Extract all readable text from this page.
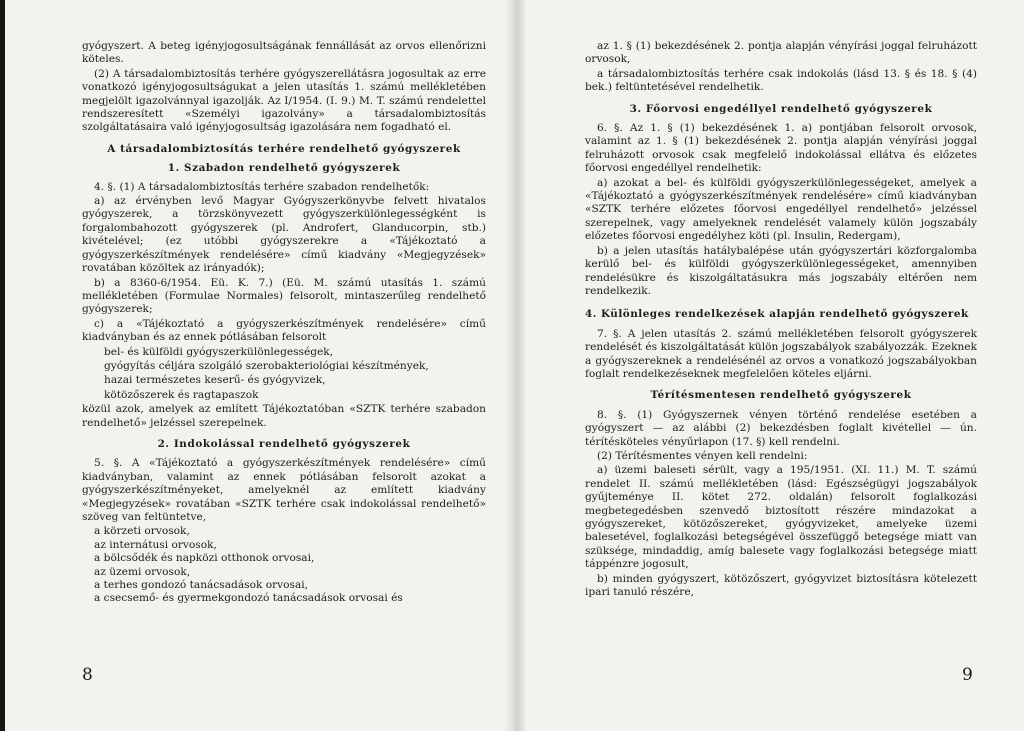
gyógyszert. A beteg igényjogosultságának fennállását az orvos ellenőrizni köteles.

(2) A társadalombiztosítás terhére gyógyszerellátásra jogosultak az erre vonatkozó igényjogosultságukat a jelen utasítás 1. számú mellékletében megjelölt igazolvánnyal igazolják. Az I/1954. (I. 9.) M. T. számú rendelettel rendszeresített «Személyi igazolvány» a társadalombiztosítás szolgáltatásaira való igényjogosultság igazolására nem fogadható el.

A társadalombiztosítás terhére rendelhető gyógyszerek

1. Szabadon rendelhető gyógyszerek

4. §. (1) A társadalombiztosítás terhére szabadon rendelhetők:

a) az érvényben levő Magyar Gyógyszerkönyvbe felvett hivatalos gyógyszerek, a törzskönyvezett gyógyszerkülönlegességként is forgalombahozott gyógyszerek (pl. Androfert, Glanducorpin, stb.) kivételével; (ez utóbbi gyógyszerekre a «Tájékoztató a gyógyszerkészítmények rendelésére» című kiadvány «Megjegyzések» rovatában közöltek az irányadók);

b) a 8360-6/1954. Eü. K. 7.) (Eü. M. számú utasítás 1. számú mellékletében (Formulae Normales) felsorolt, mintaszerűleg rendelhető gyógyszerek;

c) a «Tájékoztató a gyógyszerkészítmények rendelésére» című kiadványban és az ennek pótlásában felsorolt

bel- és külföldi gyógyszerkülönlegességek,

gyógyítás céljára szolgáló szerobakteriológiai készítmények,

hazai természetes keserű- és gyógyvizek,

kötözőszerek és ragtapaszok

közül azok, amelyek az említett Tájékoztatóban «SZTK terhére szabadon rendelhető» jelzéssel szerepelnek.

2. Indokolással rendelhető gyógyszerek

5. §. A «Tájékoztató a gyógyszerkészítmények rendelésére» című kiadványban, valamint az ennek pótlásában felsorolt azokat a gyógyszerkészítményeket, amelyeknél az említett kiadvány «Megjegyzések» rovatában «SZTK terhére csak indokolással rendelhető» szöveg van feltüntetve,

a körzeti orvosok,
az internátusi orvosok,
a bölcsődék és napközi otthonok orvosai,
az üzemi orvosok,
a terhes gondozó tanácsadások orvosai,
a csecsemő- és gyermekgondozó tanácsadások orvosai és
8

az 1. § (1) bekezdésének 2. pontja alapján vényírási joggal felruházott orvosok,

a társadalombiztosítás terhére csak indokolás (lásd 13. § és 18. § (4) bek.) feltüntetésével rendelhetik.

3. Főorvosi engedéllyel rendelhető gyógyszerek

6. §. Az 1. § (1) bekezdésének 1. a) pontjában felsorolt orvosok, valamint az 1. § (1) bekezdésének 2. pontja alapján vényírási joggal felruházott orvosok csak megfelelő indokolással ellátva és előzetes főorvosi engedéllyel rendelhetik:

a) azokat a bel- és külföldi gyógyszerkülönlegességeket, amelyek a «Tájékoztató a gyógyszerkészítmények rendelésére» című kiadványban «SZTK terhére előzetes főorvosi engedéllyel rendelhető» jelzéssel szerepelnek, vagy amelyeknek rendelését valamely külön jogszabály előzetes főorvosi engedélyhez köti (pl. Insulin, Redergam),

b) a jelen utasítás hatálybalépése után gyógyszertári közforgalomba kerülő bel- és külföldi gyógyszerkülönlegességeket, amennyiben rendelésükre és kiszolgáltatásukra más jogszabály eltérően nem rendelkezik.

4. Különleges rendelkezések alapján rendelhető gyógyszerek

7. §. A jelen utasítás 2. számú mellékletében felsorolt gyógyszerek rendelését és kiszolgáltatását külön jogszabályok szabályozzák. Ezeknek a gyógyszereknek a rendelésénél az orvos a vonatkozó jogszabályokban foglalt rendelkezéseknek megfelelően köteles eljárni.

Térítésmentesen rendelhető gyógyszerek

8. §. (1) Gyógyszernek vényen történő rendelése esetében a gyógyszert — az alábbi (2) bekezdésben foglalt kivétellel — ún. térítésköteles vényűrlapon (17. §) kell rendelni.

(2) Térítésmentes vényen kell rendelni:

a) üzemi baleseti sérült, vagy a 195/1951. (XI. 11.) M. T. számú rendelet II. számú mellékletében (lásd: Egészségügyi jogszabályok gyűjteménye II. kötet 272. oldalán) felsorolt foglalkozási megbetegedésben szenvedő biztosított részére mindazokat a gyógyszereket, kötözőszereket, gyógyvizeket, amelyeke üzemi balesetével, foglalkozási betegségével összefüggő betegsége miatt van szüksége, mindaddig, amíg balesete vagy foglalkozási betegsége miatt táppénzre jogosult,

b) minden gyógyszert, kötözőszert, gyógyvizet biztosításra kötelezett ipari tanuló részére,

9
